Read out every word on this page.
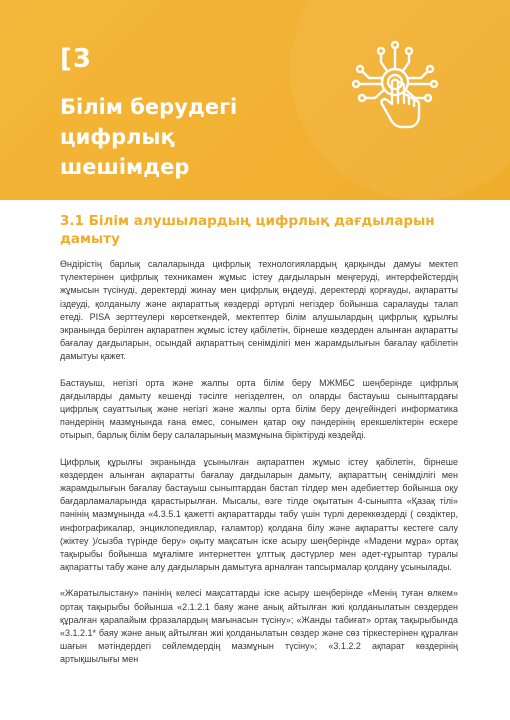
[3
Білім берудегі цифрлық
шешімдер
3.1 Білім алушылардың цифрлық дағдыларын дамыту

Өндірістің барлық салаларында цифрлық технологиялардың қарқынды дамуы мектеп түлектерінен цифрлық техникамен жұмыс істеу дағдыларын меңгеруді, интерфейстердің жұмысын түсінуді, деректерді жинау мен цифрлық өңдеуді, деректерді қорғауды, ақпаратты іздеуді, қолданылу және ақпараттық көздерді әртүрлі негіздер бойынша саралауды талап етеді. PISA зерттеулері көрсеткендей, мектептер білім алушылардың цифрлық құрылғы экранында берілген ақпаратпен жұмыс істеу қабілетін, бірнеше көздерден алынған ақпаратты бағалау дағдыларын, осындай ақпараттың сенімділігі мен жарамдылығын бағалау қабілетін дамытуы қажет.

Бастауыш, негізгі орта және жалпы орта білім беру МЖМБС шеңберінде цифрлық дағдыларды дамыту кешенді тәсілге негізделген, ол оларды бастауыш сыныптардағы цифрлық сауаттылық және негізгі және жалпы орта білім беру деңгейіндегі информатика пәндерінің мазмұнында ғана емес, сонымен қатар оқу пәндерінің ерекшеліктерін ескере отырып, барлық білім беру салаларының мазмұнына біріктіруді көздейді.

Цифрлық құрылғы экранында ұсынылған ақпаратпен жұмыс істеу қабілетін, бірнеше көздерден алынған ақпаратты бағалау дағдыларын дамыту, ақпараттың сенімділігі мен жарамдылығын бағалау бастауыш сыныптардан бастап тілдер мен әдебиеттер бойынша оқу бағдарламаларында қарастырылған. Мысалы, өзге тілде оқытатын 4-сыныпта «Қазақ тілі» пәнінің мазмұнында «4.3.5.1 қажетті ақпараттарды табу үшін түрлі дереккөздерді ( сөздіктер, инфографикалар, энциклопедиялар, ғаламтор) қолдана білу және ақпаратты кестеге салу (жіктеу )/сызба түрінде беру» оқыту мақсатын іске асыру шеңберінде «Мәдени мұра» ортақ тақырыбы бойынша мұғалімге интернеттен ұлттық дәстүрлер мен әдет-ғұрыптар туралы ақпаратты табу және алу дағдыларын дамытуға арналған тапсырмалар қолдану ұсынылады.

«Жаратылыстану» пәнінің келесі мақсаттарды іске асыру шеңберінде «Менің туған өлкем» ортақ тақырыбы бойынша «2.1.2.1 баяу және анық айтылған жиі қолданылатын сөздерден құралған қарапайым фразалардың мағынасын түсіну»; «Жанды табиғат» ортақ тақырыбында «3.1.2.1* баяу және анық айтылған жиі қолданылатын сөздер және сөз тіркестерінен құралған шағын мәтіндердегі сөйлемдердің мазмұнын түсіну»; «3.1.2.2 ақпарат көздерінің артықшылығы мен
